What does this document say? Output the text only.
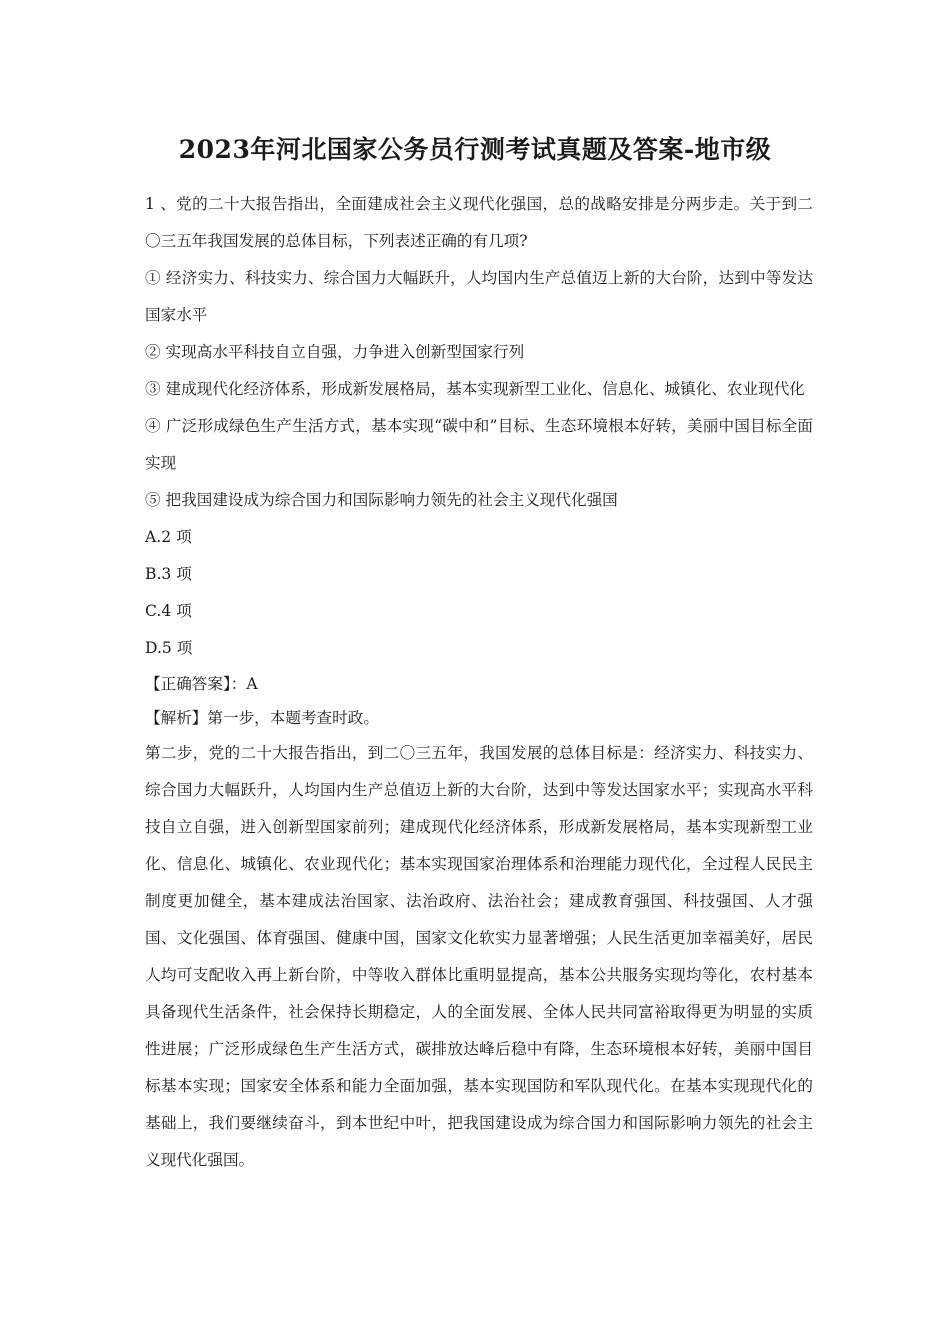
2023年河北国家公务员行测考试真题及答案-地市级

1 、党的二十大报告指出，全面建成社会主义现代化强国，总的战略安排是分两步走。关于到二〇三五年我国发展的总体目标，下列表述正确的有几项?

① 经济实力、科技实力、综合国力大幅跃升，人均国内生产总值迈上新的大台阶，达到中等发达国家水平

② 实现高水平科技自立自强，力争进入创新型国家行列

③ 建成现代化经济体系，形成新发展格局，基本实现新型工业化、信息化、城镇化、农业现代化

④ 广泛形成绿色生产生活方式，基本实现“碳中和”目标、生态环境根本好转，美丽中国目标全面实现

⑤ 把我国建设成为综合国力和国际影响力领先的社会主义现代化强国

A.2 项

B.3 项

C.4 项

D.5 项

【正确答案】：A

【解析】第一步，本题考查时政。

第二步，党的二十大报告指出，到二〇三五年，我国发展的总体目标是：经济实力、科技实力、综合国力大幅跃升，人均国内生产总值迈上新的大台阶，达到中等发达国家水平；实现高水平科技自立自强，进入创新型国家前列；建成现代化经济体系，形成新发展格局，基本实现新型工业化、信息化、城镇化、农业现代化；基本实现国家治理体系和治理能力现代化，全过程人民民主制度更加健全，基本建成法治国家、法治政府、法治社会；建成教育强国、科技强国、人才强国、文化强国、体育强国、健康中国，国家文化软实力显著增强；人民生活更加幸福美好，居民人均可支配收入再上新台阶，中等收入群体比重明显提高，基本公共服务实现均等化，农村基本具备现代生活条件，社会保持长期稳定，人的全面发展、全体人民共同富裕取得更为明显的实质性进展；广泛形成绿色生产生活方式，碳排放达峰后稳中有降，生态环境根本好转，美丽中国目标基本实现；国家安全体系和能力全面加强，基本实现国防和军队现代化。在基本实现现代化的基础上，我们要继续奋斗，到本世纪中叶，把我国建设成为综合国力和国际影响力领先的社会主义现代化强国。
